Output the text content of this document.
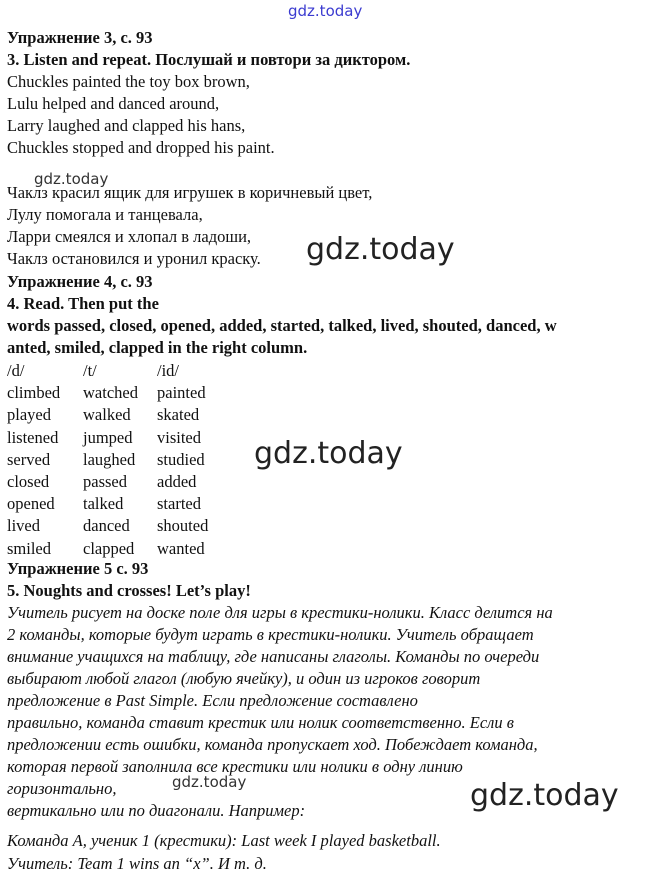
gdz.today
gdz.today
gdz.today
gdz.today
gdz.today	gdz.today
Упражнение 3, с. 93
3. Listen and repeat. Послушай и повтори за диктором.
Chuckles painted the toy box brown,
Lulu helped and danced around,
Larry laughed and clapped his hans,
Chuckles stopped and dropped his paint.
Чаклз красил ящик для игрушек в коричневый цвет,
Лулу помогала и танцевала,
Ларри смеялся и хлопал в ладоши,
Чаклз остановился и уронил краску.
Упражнение 4, с. 93
4. Read. Then put the
words passed, closed, opened, added, started, talked, lived, shouted, danced, w
anted, smiled, clapped in the right column.
/d/	/t/	/id/
climbed	watched	painted
played	walked	skated
listened	jumped	visited
served	laughed	studied
closed	passed	added
opened	talked	started
lived	danced	shouted
smiled	clapped	wanted
Упражнение 5 с. 93
5. Noughts and crosses! Let’s play!
Учитель рисует на доске поле для игры в крестики-нолики. Класс делится на
2 команды, которые будут играть в крестики-нолики. Учитель обращает
внимание учащихся на таблицу, где написаны глаголы. Команды по очереди
выбирают любой глагол (любую ячейку), и один из игроков говорит
предложение в Past Simple. Если предложение составлено
правильно, команда ставит крестик или нолик соответственно. Если в
предложении есть ошибки, команда пропускает ход. Побеждает команда,
которая первой заполнила все крестики или нолики в одну линию
горизонтально,
вертикально или по диагонали. Например:
Команда А, ученик 1 (крестики): Last week I played basketball.
Учитель: Team 1 wins an “x”. И т. д.
